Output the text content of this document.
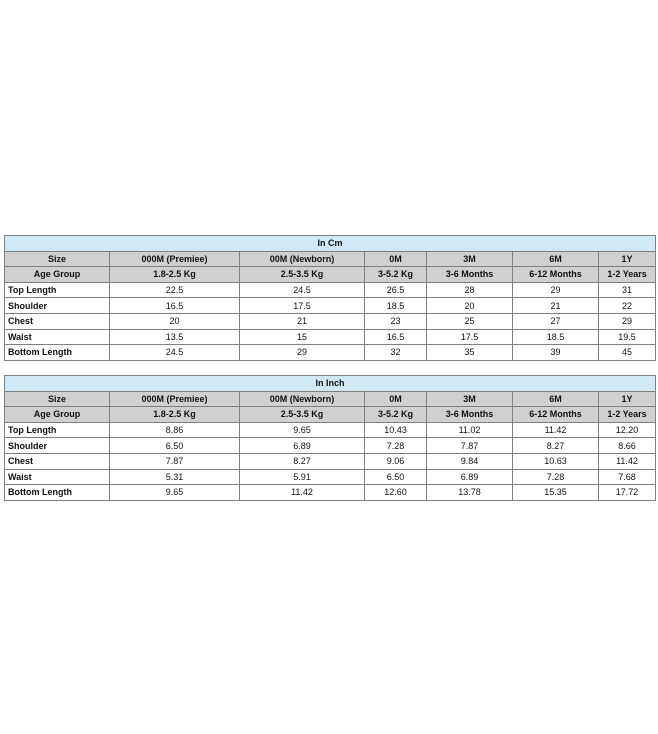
In Cm						
Size	000M (Premiee)	00M (Newborn)	0M	3M	6M	1Y
Age Group	1.8-2.5 Kg	2.5-3.5 Kg	3-5.2 Kg	3-6 Months	6-12 Months	1-2 Years
Top Length	22.5	24.5	26.5	28	29	31
Shoulder	16.5	17.5	18.5	20	21	22
Chest	20	21	23	25	27	29
Waist	13.5	15	16.5	17.5	18.5	19.5
Bottom Length	24.5	29	32	35	39	45
In Inch						
Size	000M (Premiee)	00M (Newborn)	0M	3M	6M	1Y
Age Group	1.8-2.5 Kg	2.5-3.5 Kg	3-5.2 Kg	3-6 Months	6-12 Months	1-2 Years
Top Length	8.86	9.65	10.43	11.02	11.42	12.20
Shoulder	6.50	6.89	7.28	7.87	8.27	8.66
Chest	7.87	8.27	9.06	9.84	10.63	11.42
Waist	5.31	5.91	6.50	6.89	7.28	7.68
Bottom Length	9.65	11.42	12.60	13.78	15.35	17.72
